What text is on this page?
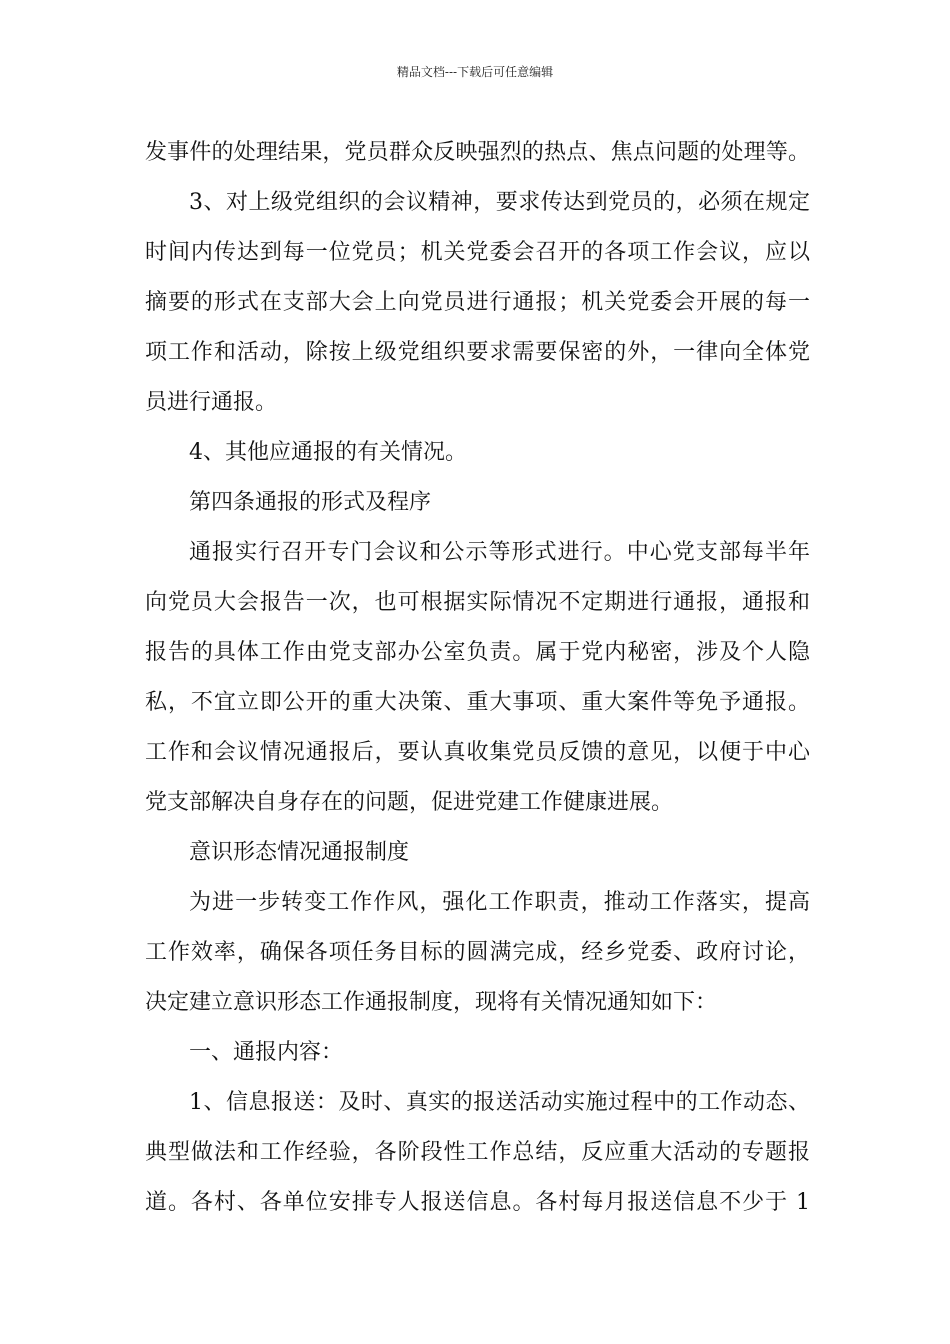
精品文档---下载后可任意编辑
发事件的处理结果，党员群众反映强烈的热点、焦点问题的处理等。
3、对上级党组织的会议精神，要求传达到党员的，必须在规定
时间内传达到每一位党员；机关党委会召开的各项工作会议，应以
摘要的形式在支部大会上向党员进行通报；机关党委会开展的每一
项工作和活动，除按上级党组织要求需要保密的外，一律向全体党
员进行通报。
4、其他应通报的有关情况。
第四条通报的形式及程序
通报实行召开专门会议和公示等形式进行。中心党支部每半年
向党员大会报告一次，也可根据实际情况不定期进行通报，通报和
报告的具体工作由党支部办公室负责。属于党内秘密，涉及个人隐
私，不宜立即公开的重大决策、重大事项、重大案件等免予通报。
工作和会议情况通报后，要认真收集党员反馈的意见，以便于中心
党支部解决自身存在的问题，促进党建工作健康进展。
意识形态情况通报制度
为进一步转变工作作风，强化工作职责，推动工作落实，提高
工作效率，确保各项任务目标的圆满完成，经乡党委、政府讨论，
决定建立意识形态工作通报制度，现将有关情况通知如下：
一、通报内容：
1、信息报送：及时、真实的报送活动实施过程中的工作动态、
典型做法和工作经验，各阶段性工作总结，反应重大活动的专题报
道。各村、各单位安排专人报送信息。各村每月报送信息不少于 1
